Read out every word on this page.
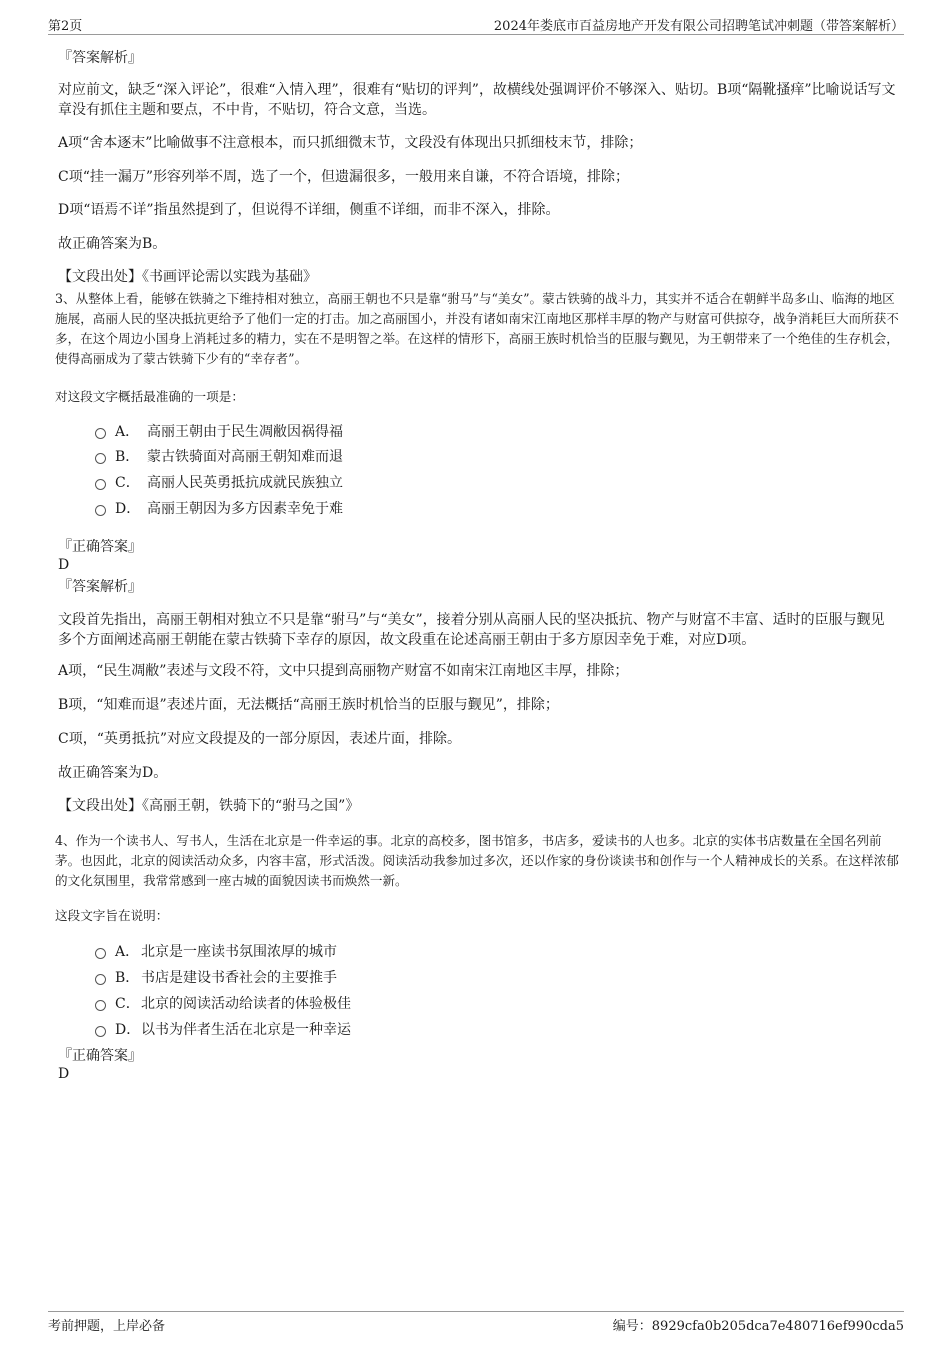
第2页	2024年娄底市百益房地产开发有限公司招聘笔试冲刺题（带答案解析）
『答案解析』
对应前文，缺乏“深入评论”，很难“入情入理”，很难有“贴切的评判”，故横线处强调评价不够深入、贴切。B项“隔靴搔痒”比喻说话写文章没有抓住主题和要点，不中肯，不贴切，符合文意，当选。
A项“舍本逐末”比喻做事不注意根本，而只抓细微末节，文段没有体现出只抓细枝末节，排除；
C项“挂一漏万”形容列举不周，选了一个，但遗漏很多，一般用来自谦，不符合语境，排除；
D项“语焉不详”指虽然提到了，但说得不详细，侧重不详细，而非不深入，排除。
故正确答案为B。
【文段出处】《书画评论需以实践为基础》
3、从整体上看，能够在铁骑之下维持相对独立，高丽王朝也不只是靠“驸马”与“美女”。蒙古铁骑的战斗力，其实并不适合在朝鲜半岛多山、临海的地区施展，高丽人民的坚决抵抗更给予了他们一定的打击。加之高丽国小，并没有诸如南宋江南地区那样丰厚的物产与财富可供掠夺，战争消耗巨大而所获不多，在这个周边小国身上消耗过多的精力，实在不是明智之举。在这样的情形下，高丽王族时机恰当的臣服与觐见，为王朝带来了一个绝佳的生存机会，使得高丽成为了蒙古铁骑下少有的“幸存者”。
对这段文字概括最准确的一项是：
A． 高丽王朝由于民生凋敝因祸得福
B． 蒙古铁骑面对高丽王朝知难而退
C． 高丽人民英勇抵抗成就民族独立
D． 高丽王朝因为多方因素幸免于难
『正确答案』
D
『答案解析』
文段首先指出，高丽王朝相对独立不只是靠“驸马”与“美女”，接着分别从高丽人民的坚决抵抗、物产与财富不丰富、适时的臣服与觐见多个方面阐述高丽王朝能在蒙古铁骑下幸存的原因，故文段重在论述高丽王朝由于多方原因幸免于难，对应D项。
A项，“民生凋敝”表述与文段不符，文中只提到高丽物产财富不如南宋江南地区丰厚，排除；
B项，“知难而退”表述片面，无法概括“高丽王族时机恰当的臣服与觐见”，排除；
C项，“英勇抵抗”对应文段提及的一部分原因，表述片面，排除。
故正确答案为D。
【文段出处】《高丽王朝，铁骑下的“驸马之国”》
4、作为一个读书人、写书人，生活在北京是一件幸运的事。北京的高校多，图书馆多，书店多，爱读书的人也多。北京的实体书店数量在全国名列前茅。也因此，北京的阅读活动众多，内容丰富，形式活泼。阅读活动我参加过多次，还以作家的身份谈读书和创作与一个人精神成长的关系。在这样浓郁的文化氛围里，我常常感到一座古城的面貌因读书而焕然一新。
这段文字旨在说明：
A． 北京是一座读书氛围浓厚的城市
B． 书店是建设书香社会的主要推手
C． 北京的阅读活动给读者的体验极佳
D． 以书为伴者生活在北京是一种幸运
『正确答案』
D
考前押题，上岸必备	编号：8929cfa0b205dca7e480716ef990cda5
